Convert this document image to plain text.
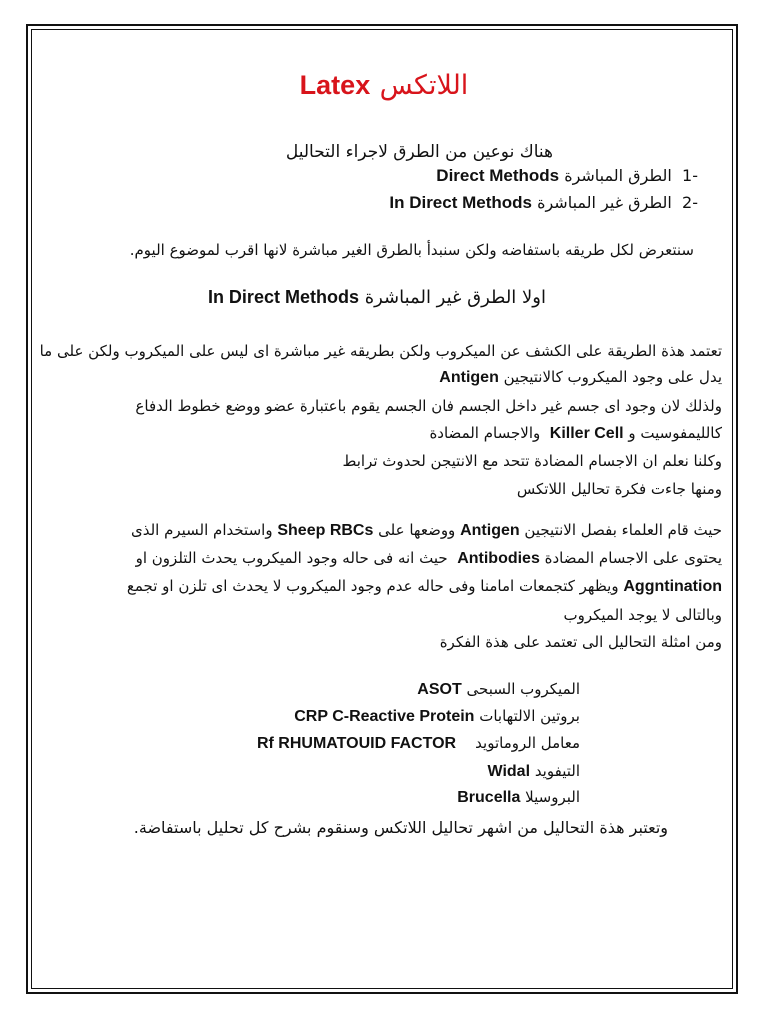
اللاتكس Latex
هناك نوعين من الطرق لاجراء التحاليل
-1  الطرق المباشرة Direct Methods
-2  الطرق غير المباشرة In Direct Methods
سنتعرض لكل طريقه باستفاضه ولكن سنبدأ بالطرق الغير مباشرة لانها اقرب لموضوع اليوم.
اولا الطرق غير المباشرة In Direct Methods
تعتمد هذة الطريقة على الكشف عن الميكروب ولكن بطريقه غير مباشرة اى ليس على الميكروب ولكن على ما
يدل على وجود الميكروب كالانتيجين Antigen
ولذلك لان وجود اى جسم غير داخل الجسم فان الجسم يقوم باعتبارة عضو ووضع خطوط الدفاع
كالليمفوسيت و Killer Cell  والاجسام المضادة
وكلنا نعلم ان الاجسام المضادة تتحد مع الانتيجن لحدوث ترابط
ومنها جاءت فكرة تحاليل اللاتكس
حيث قام العلماء بفصل الانتيجين Antigen ووضعها على Sheep RBCs واستخدام السيرم الذى
يحتوى على الاجسام المضادة Antibodies  حيث انه فى حاله وجود الميكروب يحدث التلزون او
Aggntination ويظهر كتجمعات امامنا وفى حاله عدم وجود الميكروب لا يحدث اى تلزن او تجمع
وبالتالى لا يوجد الميكروب
ومن امثلة التحاليل الى تعتمد على هذة الفكرة
الميكروب السبحى ASOT
بروتين الالتهابات CRP C-Reactive Protein
معامل الروماتويد    Rf RHUMATOUID FACTOR
التيفويد Widal
البروسيلا Brucella
وتعتبر هذة التحاليل من اشهر تحاليل اللاتكس وسنقوم بشرح كل تحليل باستفاضة.
